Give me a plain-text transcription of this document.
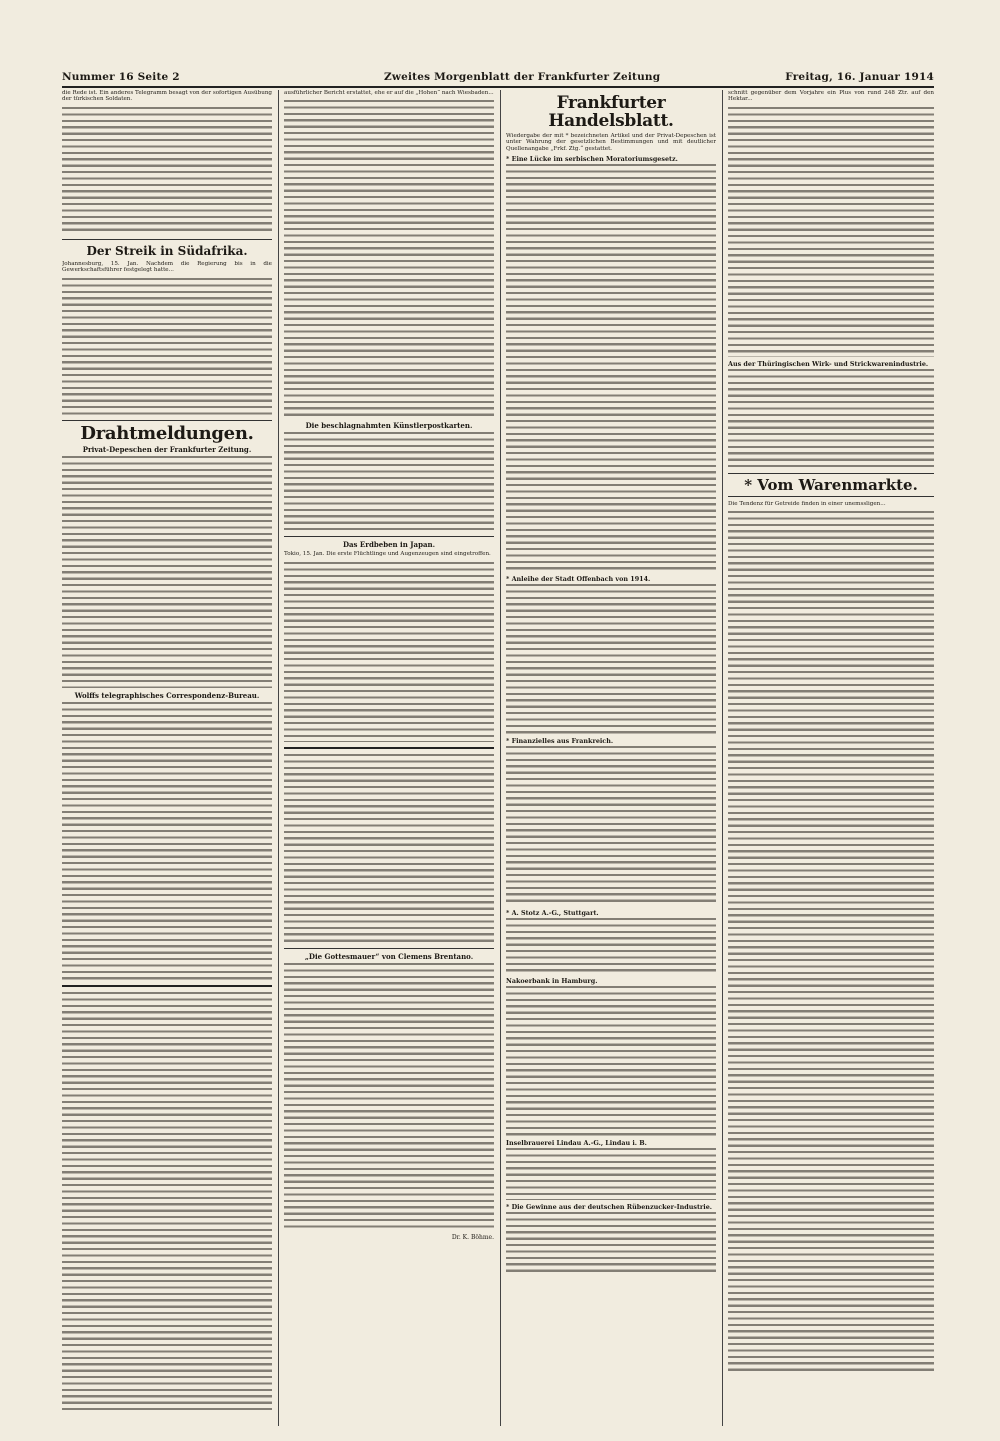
Nummer 16 Seite 2	Zweites Morgenblatt der Frankfurter Zeitung	Freitag, 16. Januar 1914

die Rede ist. Ein anderes Telegramm besagt von der sofortigen Ausübung der türkischen Soldaten.

Der Streik in Südafrika.

Johannesburg, 15. Jan. Nachdem die Regierung bis in die Gewerkschaftsführer festgelegt hatte...

Drahtmeldungen.
Privat-Depeschen der Frankfurter Zeitung.
Wolffs telegraphisches Correspondenz-Bureau.

ausführlicher Bericht erstattet, ehe er auf die „Hohen“ nach Wiesbaden...

Die beschlagnahmten Künstlerpostkarten.
Das Erdbeben in Japan.

Tokio, 15. Jan. Die erste Flüchtlinge und Augenzeugen sind eingetroffen.

„Die Gottesmauer“ von Clemens Brentano.

Dr. K. Böhme.

Frankfurter Handelsblatt.

Wiedergabe der mit * bezeichneten Artikel und der Privat-Depeschen ist unter Wahrung der gesetzlichen Bestimmungen und mit deutlicher Quellenangabe „Frkf. Ztg.“ gestattet.

* Eine Lücke im serbischen Moratoriumsgesetz.
* Anleihe der Stadt Offenbach von 1914.
* Finanzielles aus Frankreich.
* A. Stotz A.-G., Stuttgart.
Nakoerbank in Hamburg.
Inselbrauerei Lindau A.-G., Lindau i. B.
* Die Gewinne aus der deutschen Rübenzucker-Industrie.

schnitt gegenüber dem Vorjahre ein Plus von rund 248 Ztr. auf den Hektar...

Aus der Thüringischen Wirk- und Strickwarenindustrie.
* Vom Warenmarkte.

Die Tendenz für Getreide finden in einer unemssligen...
